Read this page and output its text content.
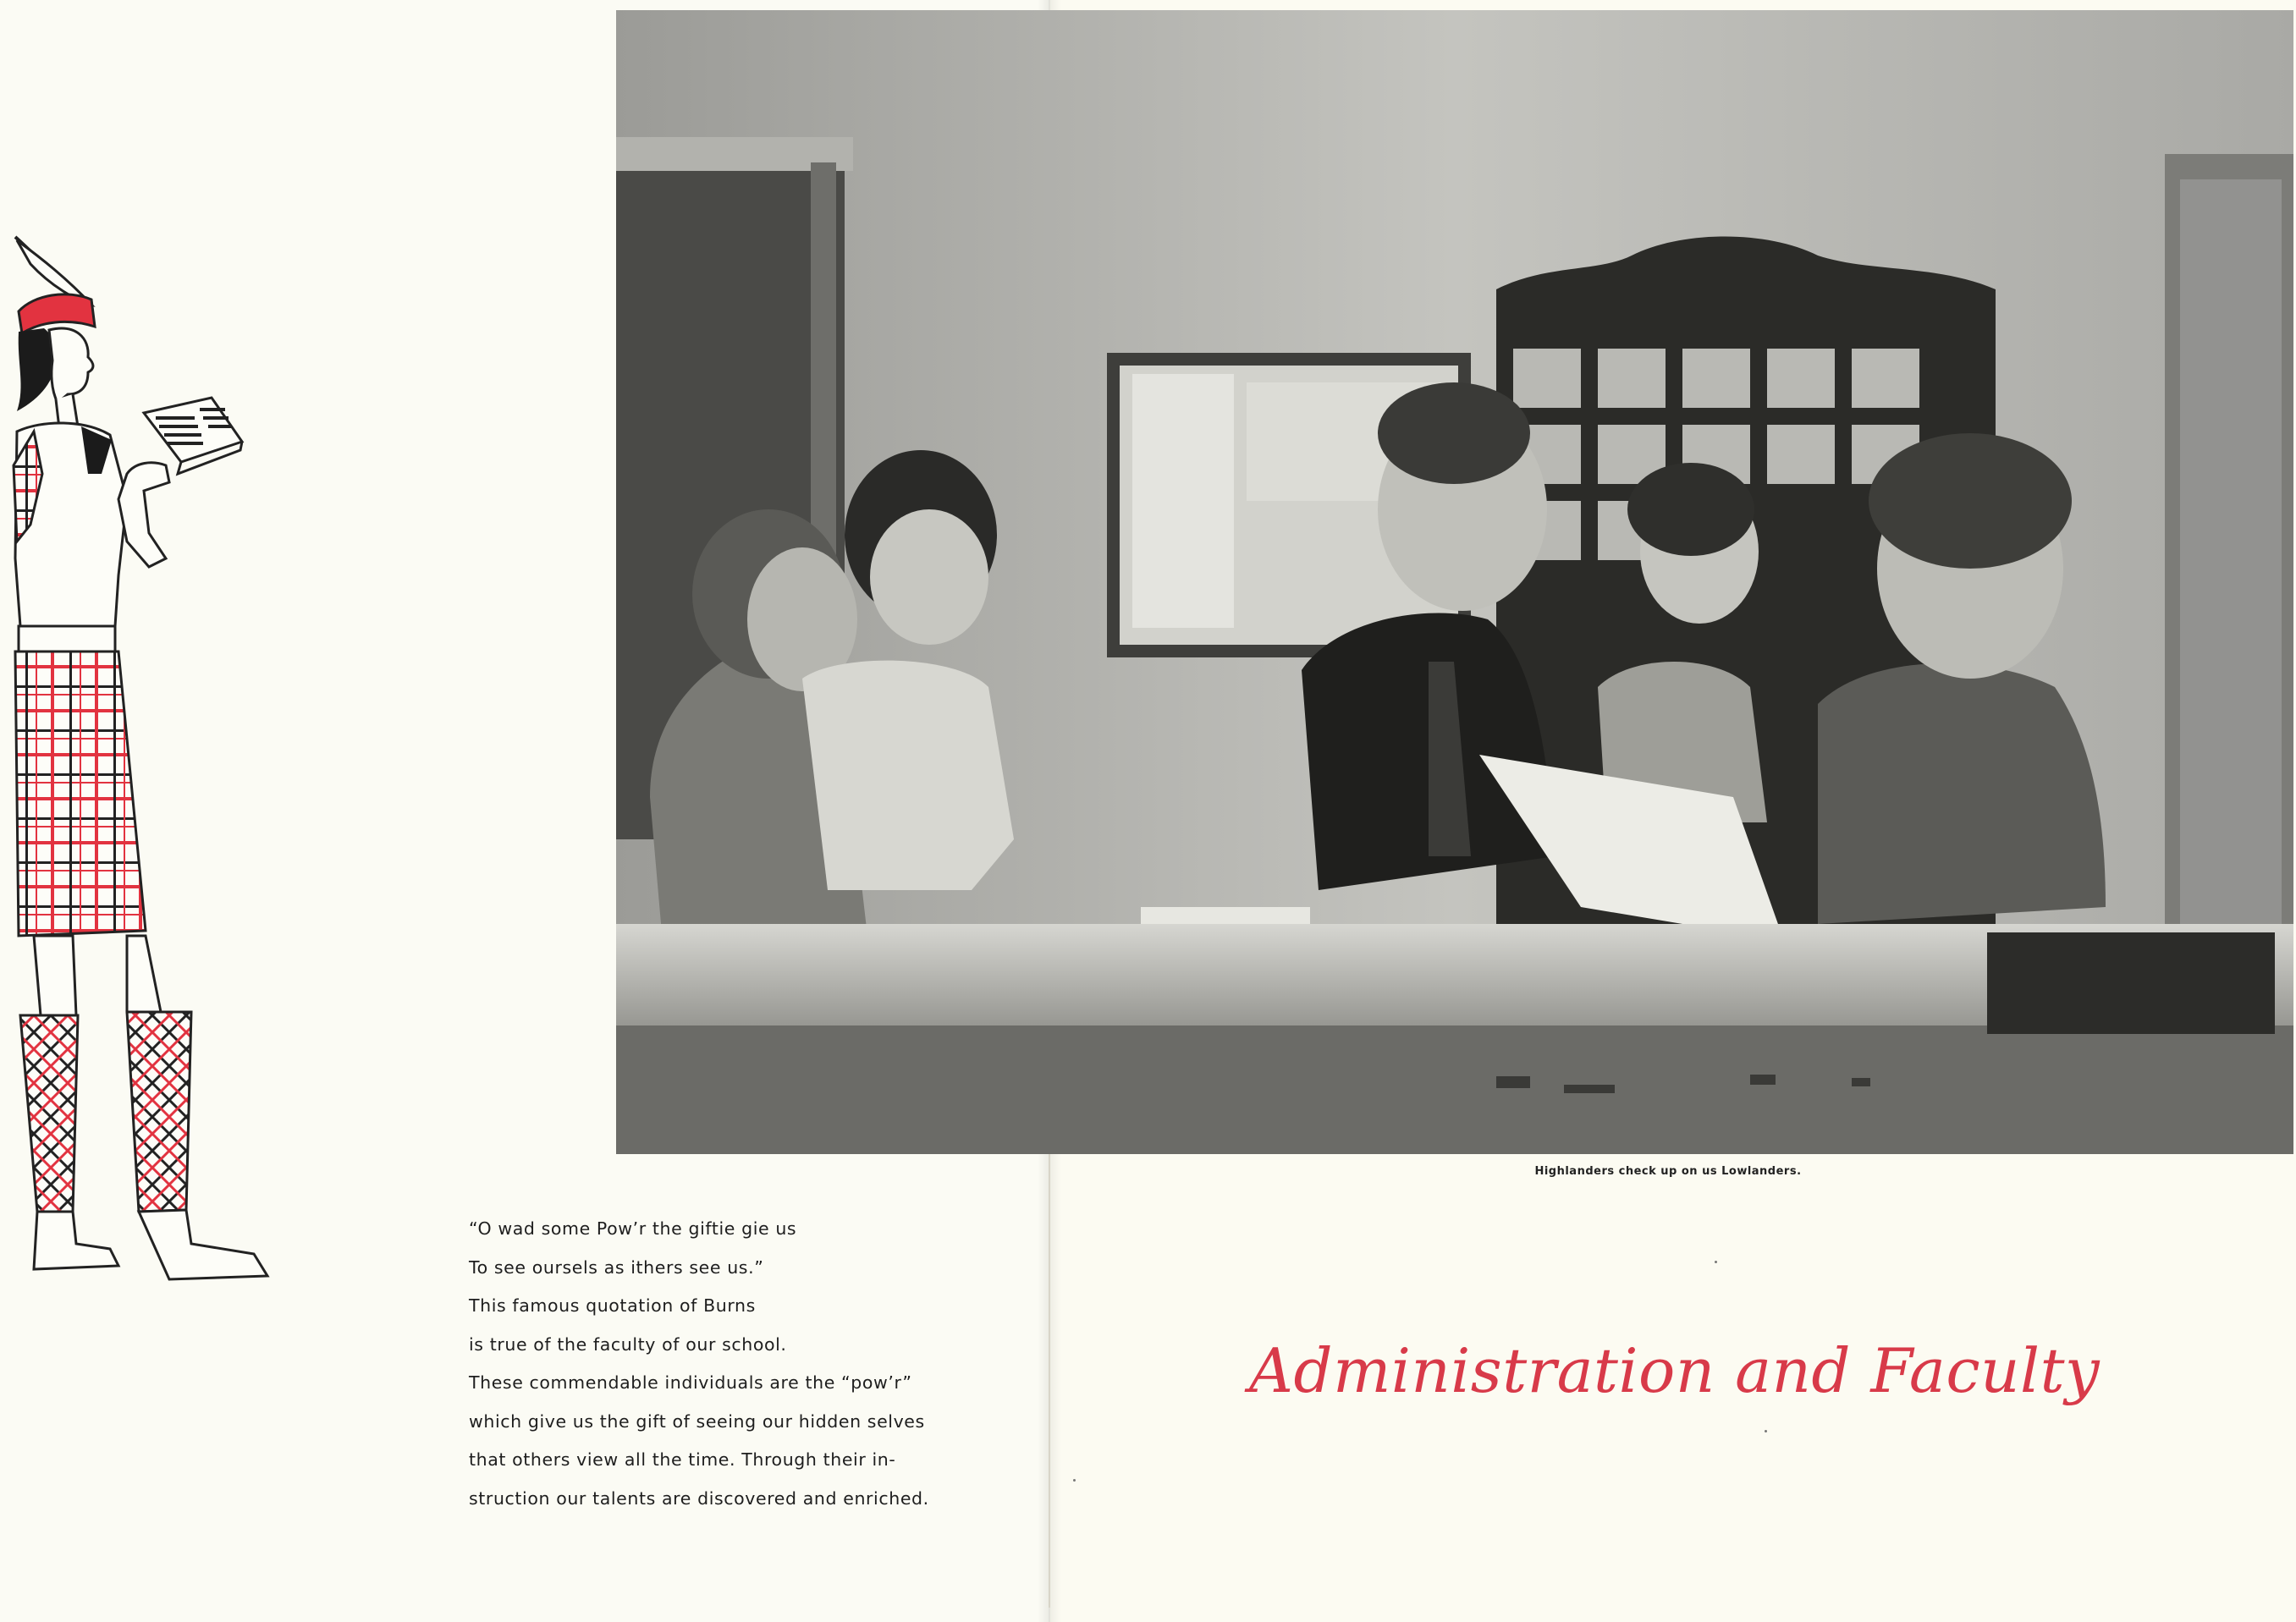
Highlanders check up on us Lowlanders.
“O wad some Pow’r the giftie gie us
To see oursels as ithers see us.”
This famous quotation of Burns
is true of the faculty of our school.
These commendable individuals are the “pow’r”
which give us the gift of seeing our hidden selves
that others view all the time. Through their in-
struction our talents are discovered and enriched.
Administration and Faculty
